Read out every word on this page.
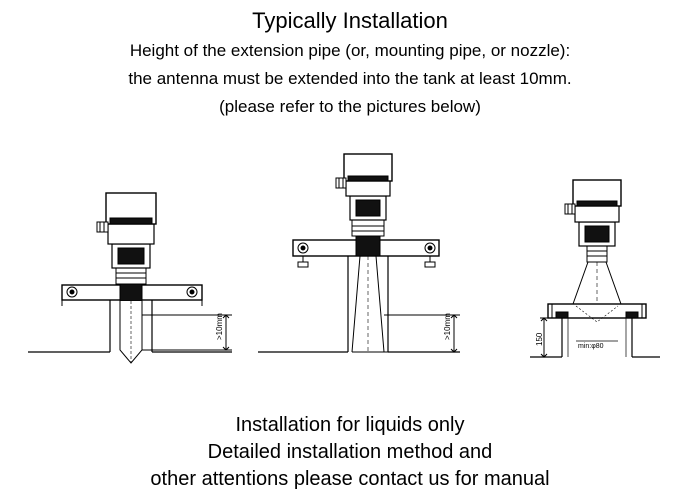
Typically Installation
Height of the extension pipe (or, mounting pipe, or nozzle):
the antenna must be extended into the tank at least 10mm.
(please refer to the pictures below)
>10mm	>10mm	150
min:φ80
Installation for liquids only
Detailed installation method and
other attentions please contact us for manual
